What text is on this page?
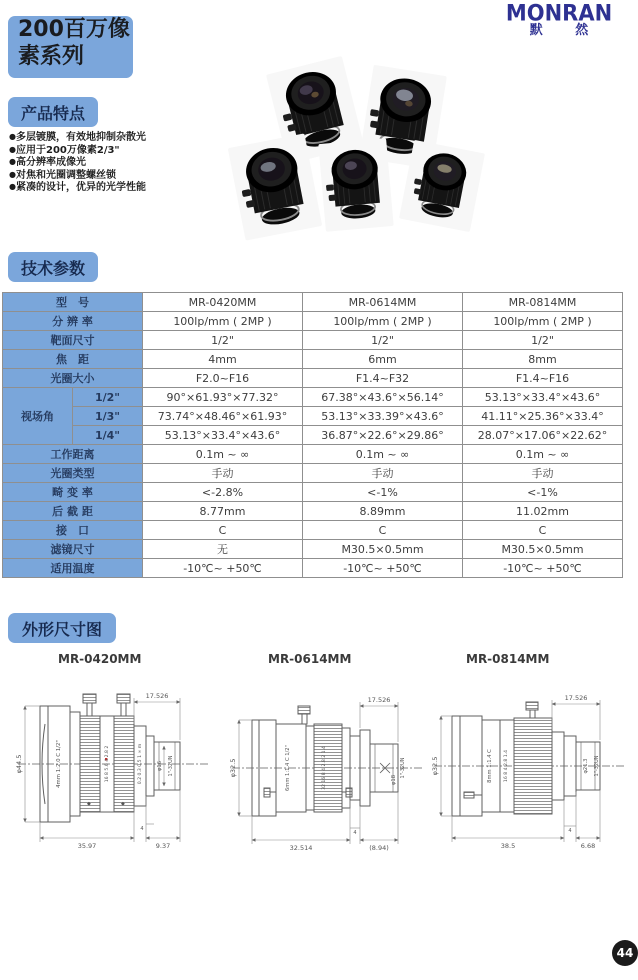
200百万像
素系列
MONRAN
默 然
产品特点
●多层镀膜，有效地抑制杂散光
●应用于200万像素2/3"
●高分辨率成像光
●对焦和光圈调整螺丝锁
●紧凑的设计，优异的光学性能
技术参数
型　号		MR-0420MM	MR-0614MM	MR-0814MM
分 辨 率		100lp/mm ( 2MP )	100lp/mm ( 2MP )	100lp/mm ( 2MP )
靶面尺寸		1/2"	1/2"	1/2"
焦　距		4mm	6mm	8mm
光圈大小		F2.0~F16	F1.4~F32	F1.4~F16
视场角	1/2"	90°×61.93°×77.32°	67.38°×43.6°×56.14°	53.13°×33.4°×43.6°
	1/3"	73.74°×48.46°×61.93°	53.13°×33.39°×43.6°	41.11°×25.36°×33.4°
	1/4"	53.13°×33.4°×43.6°	36.87°×22.6°×29.86°	28.07°×17.06°×22.62°
工作距离		0.1m ~ ∞	0.1m ~ ∞	0.1m ~ ∞
光圈类型		手动	手动	手动
畸 变 率		<-2.8%	<-1%	<-1%
后 截 距		8.77mm	8.89mm	11.02mm
接　口		C	C	C
滤镜尺寸		无	M30.5×0.5mm	M30.5×0.5mm
适用温度		-10℃~ +50℃	-10℃~ +50℃	-10℃~ +50℃
外形尺寸图
MR-0420MM	MR-0614MM	MR-0814MM
◆	◆
φ44.5
17.526
35.97	9.37
4
φ16 1"-32UN
4mm 1:2.0 C 1/2"	16 8 5.6 4 2.8 2	0.2 0.3 0.5 1 ∞ m	φ32.5
17.526
32.514	(8.94)
4
φ18
1"-32UN
6mm 1:1.4 C 1/2"	32 16 8 4 2.8 2 1.4	φ32.5
17.526
38.5	6.68
4
φ21.3 1"-32UN
8mm 1:1.4 C 16 8 4 2.8 1.4
44
